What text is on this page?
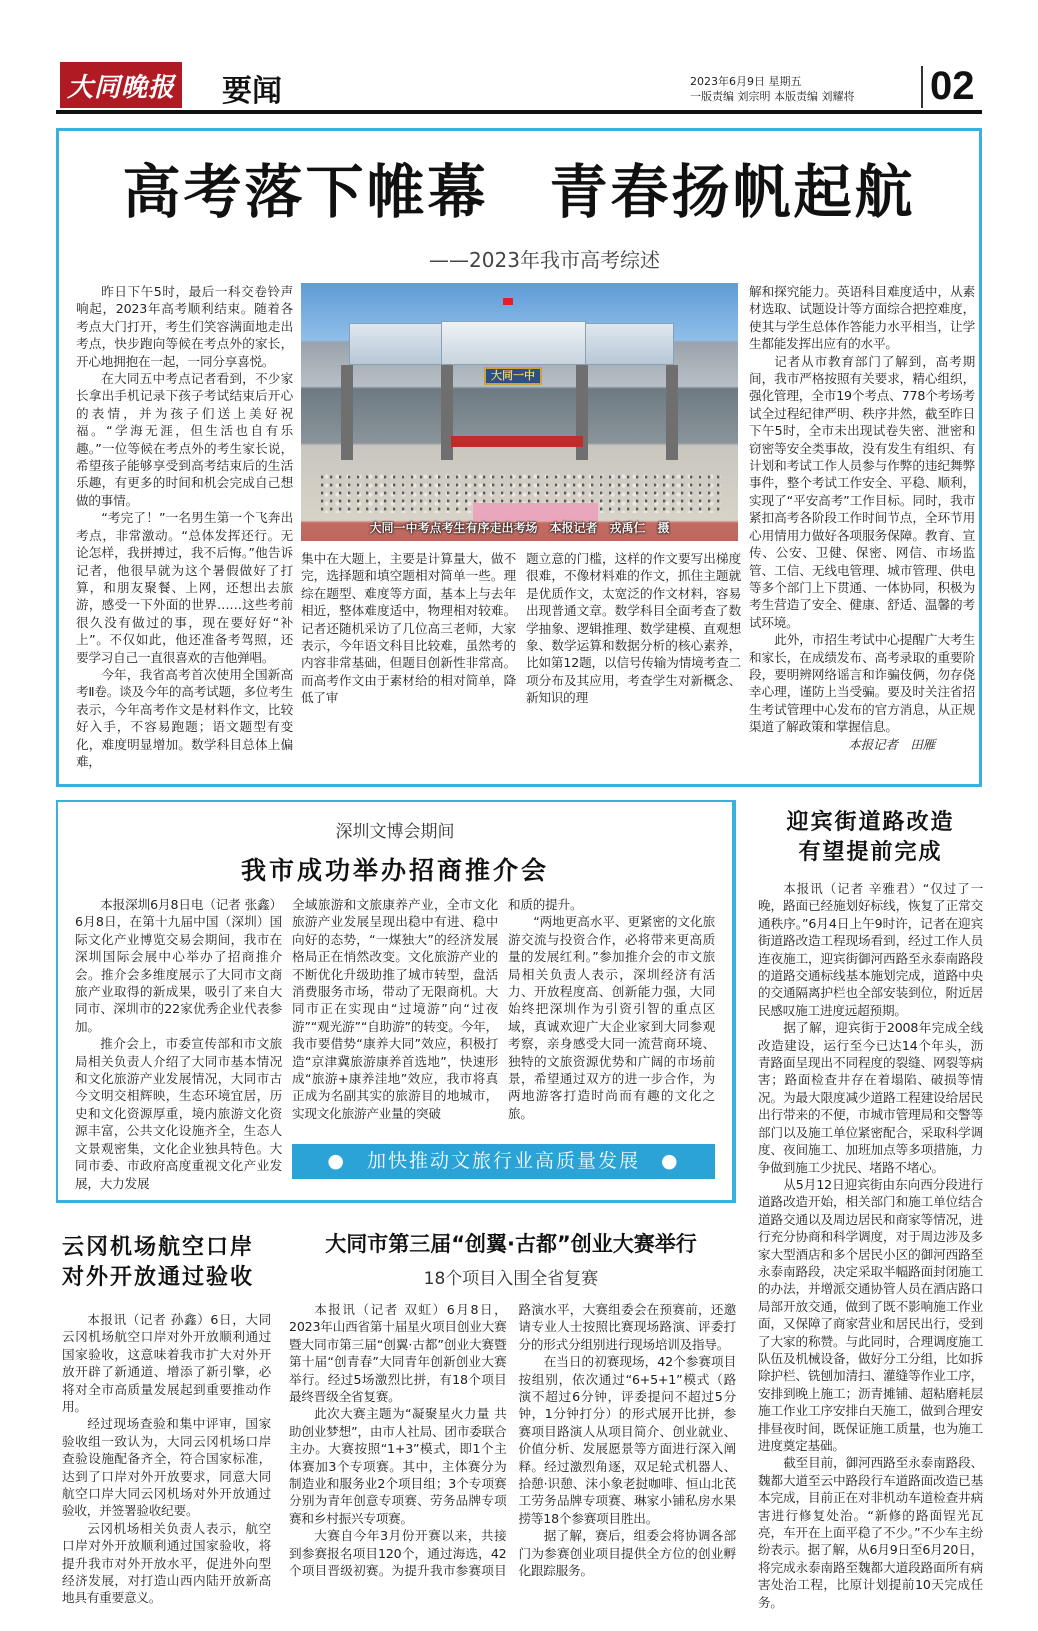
大同晚报 要闻	2023年6月9日 星期五
一版责编 刘宗明 本版责编 刘耀将 02
高考落下帷幕　青春扬帆起航
——2023年我市高考综述

昨日下午5时，最后一科交卷铃声响起，2023年高考顺利结束。随着各考点大门打开，考生们笑容满面地走出考点，快步跑向等候在考点外的家长，开心地拥抱在一起，一同分享喜悦。

在大同五中考点记者看到，不少家长拿出手机记录下孩子考试结束后开心的表情，并为孩子们送上美好祝福。“学海无涯，但生活也自有乐趣。”一位等候在考点外的考生家长说，希望孩子能够享受到高考结束后的生活乐趣，有更多的时间和机会完成自己想做的事情。

“考完了！”一名男生第一个飞奔出考点，非常激动。“总体发挥还行。无论怎样，我拼搏过，我不后悔。”他告诉记者，他很早就为这个暑假做好了打算，和朋友聚餐、上网，还想出去旅游，感受一下外面的世界……这些考前很久没有做过的事，现在要好好“补上”。不仅如此，他还准备考驾照，还要学习自己一直很喜欢的吉他弹唱。

今年，我省高考首次使用全国新高考Ⅱ卷。谈及今年的高考试题，多位考生表示，今年高考作文是材料作文，比较好入手，不容易跑题；语文题型有变化，难度明显增加。数学科目总体上偏难，

大同一中
大同一中考点考生有序走出考场　本报记者　戎禹仁　摄

集中在大题上，主要是计算量大，做不完，选择题和填空题相对简单一些。理综在题型、难度等方面，基本上与去年相近，整体难度适中，物理相对较难。记者还随机采访了几位高三老师，大家表示，今年语文科目比较难，虽然考的内容非常基础，但题目创新性非常高。而高考作文由于素材给的相对简单，降低了审

题立意的门槛，这样的作文要写出梯度很难，不像材料难的作文，抓住主题就是优质作文，太宽泛的作文材料，容易出现普通文章。数学科目全面考查了数学抽象、逻辑推理、数学建模、直观想象、数学运算和数据分析的核心素养，比如第12题，以信号传输为情境考查二项分布及其应用，考查学生对新概念、新知识的理

解和探究能力。英语科目难度适中，从素材选取、试题设计等方面综合把控难度，使其与学生总体作答能力水平相当，让学生都能发挥出应有的水平。

记者从市教育部门了解到，高考期间，我市严格按照有关要求，精心组织，强化管理，全市19个考点、778个考场考试全过程纪律严明、秩序井然，截至昨日下午5时，全市未出现试卷失密、泄密和窃密等安全类事故，没有发生有组织、有计划和考试工作人员参与作弊的违纪舞弊事件，整个考试工作安全、平稳、顺利，实现了“平安高考”工作目标。同时，我市紧扣高考各阶段工作时间节点，全环节用心用情用力做好各项服务保障。教育、宣传、公安、卫健、保密、网信、市场监管、工信、无线电管理、城市管理、供电等多个部门上下贯通、一体协同，积极为考生营造了安全、健康、舒适、温馨的考试环境。

此外，市招生考试中心提醒广大考生和家长，在成绩发布、高考录取的重要阶段，要明辨网络谣言和诈骗伎俩，勿存侥幸心理，谨防上当受骗。要及时关注省招生考试管理中心发布的官方消息，从正规渠道了解政策和掌握信息。

本报记者　田雁

深圳文博会期间
我市成功举办招商推介会

本报深圳6月8日电（记者 张鑫）6月8日，在第十九届中国（深圳）国际文化产业博览交易会期间，我市在深圳国际会展中心举办了招商推介会。推介会多维度展示了大同市文商旅产业取得的新成果，吸引了来自大同市、深圳市的22家优秀企业代表参加。

推介会上，市委宣传部和市文旅局相关负责人介绍了大同市基本情况和文化旅游产业发展情况，大同市古今文明交相辉映，生态环境宜居，历史和文化资源厚重，境内旅游文化资源丰富，公共文化设施齐全，生态人文景观密集，文化企业独具特色。大同市委、市政府高度重视文化产业发展，大力发展

全域旅游和文旅康养产业，全市文化旅游产业发展呈现出稳中有进、稳中向好的态势，“一煤独大”的经济发展格局正在悄然改变。文化旅游产业的不断优化升级助推了城市转型，盘活消费服务市场，带动了无限商机。大同市正在实现由“过境游”向“过夜游”“观光游”“自助游”的转变。今年，我市要借势“康养大同”效应，积极打造“京津冀旅游康养首选地”，快速形成“旅游+康养洼地”效应，我市将真正成为名副其实的旅游目的地城市，实现文化旅游产业量的突破

和质的提升。

“两地更高水平、更紧密的文化旅游交流与投资合作，必将带来更高质量的发展红利。”参加推介会的市文旅局相关负责人表示，深圳经济有活力、开放程度高、创新能力强，大同始终把深圳作为引资引智的重点区域，真诚欢迎广大企业家到大同参观考察，亲身感受大同一流营商环境、独特的文旅资源优势和广阔的市场前景，希望通过双方的进一步合作，为两地游客打造时尚而有趣的文化之旅。

●　加快推动文旅行业高质量发展　●
云冈机场航空口岸
对外开放通过验收

本报讯（记者 孙鑫）6日，大同云冈机场航空口岸对外开放顺利通过国家验收，这意味着我市扩大对外开放开辟了新通道、增添了新引擎，必将对全市高质量发展起到重要推动作用。

经过现场查验和集中评审，国家验收组一致认为，大同云冈机场口岸查验设施配备齐全，符合国家标准，达到了口岸对外开放要求，同意大同航空口岸大同云冈机场对外开放通过验收，并签署验收纪要。

云冈机场相关负责人表示，航空口岸对外开放顺利通过国家验收，将提升我市对外开放水平，促进外向型经济发展，对打造山西内陆开放新高地具有重要意义。

大同市第三届“创翼·古都”创业大赛举行
18个项目入围全省复赛

本报讯（记者 双虹）6月8日，2023年山西省第十届星火项目创业大赛暨大同市第三届“创翼·古都”创业大赛暨第十届“创青春”大同青年创新创业大赛举行。经过5场激烈比拼，有18个项目最终晋级全省复赛。

此次大赛主题为“凝聚星火力量 共助创业梦想”，由市人社局、团市委联合主办。大赛按照“1+3”模式，即1个主体赛加3个专项赛。其中，主体赛分为制造业和服务业2个项目组；3个专项赛分别为青年创意专项赛、劳务品牌专项赛和乡村振兴专项赛。

大赛自今年3月份开赛以来，共接到参赛报名项目120个，通过海选，42个项目晋级初赛。为提升我市参赛项目路演水平，大赛组委会在预赛前，还邀请专业人士按照比赛现场路演、评委打分的形式分组别进行现场培训及指导。

在当日的初赛现场，42个参赛项目按组别，依次通过“6+5+1”模式（路演不超过6分钟，评委提问不超过5分钟，1分钟打分）的形式展开比拼，参赛项目路演人从项目简介、创业就业、价值分析、发展愿景等方面进行深入阐释。经过激烈角逐，双足轮式机器人、拾憩·识憩、沫小象老挝咖啡、恒山北芪工劳务品牌专项赛、琳家小铺私房水果捞等18个参赛项目胜出。

据了解，赛后，组委会将协调各部门为参赛创业项目提供全方位的创业孵化跟踪服务。

迎宾街道路改造
有望提前完成

本报讯（记者 辛雅君）“仅过了一晚，路面已经施划好标线，恢复了正常交通秩序。”6月4日上午9时许，记者在迎宾街道路改造工程现场看到，经过工作人员连夜施工，迎宾街御河西路至永泰南路段的道路交通标线基本施划完成，道路中央的交通隔离护栏也全部安装到位，附近居民感叹施工进度远超预期。

据了解，迎宾街于2008年完成全线改造建设，运行至今已达14个年头，沥青路面呈现出不同程度的裂缝、网裂等病害；路面检查井存在着塌陷、破损等情况。为最大限度减少道路工程建设给居民出行带来的不便，市城市管理局和交警等部门以及施工单位紧密配合，采取科学调度、夜间施工、加班加点等多项措施，力争做到施工少扰民、堵路不堵心。

从5月12日迎宾街由东向西分段进行道路改造开始，相关部门和施工单位结合道路交通以及周边居民和商家等情况，进行充分协商和科学调度，对于周边涉及多家大型酒店和多个居民小区的御河西路至永泰南路段，决定采取半幅路面封闭施工的办法，并增派交通协管人员在酒店路口局部开放交通，做到了既不影响施工作业面，又保障了商家营业和居民出行，受到了大家的称赞。与此同时，合理调度施工队伍及机械设备，做好分工分组，比如拆除护栏、铣刨加清扫、灌缝等作业工序，安排到晚上施工；沥青摊铺、超粘磨耗层施工作业工序安排白天施工，做到合理安排昼夜时间，既保证施工质量，也为施工进度奠定基础。

截至目前，御河西路至永泰南路段、魏都大道至云中路段行车道路面改造已基本完成，目前正在对非机动车道检查井病害进行修复处治。“新修的路面锃光瓦亮，车开在上面平稳了不少。”不少车主纷纷表示。据了解，从6月9日至6月20日，将完成永泰南路至魏都大道段路面所有病害处治工程，比原计划提前10天完成任务。
